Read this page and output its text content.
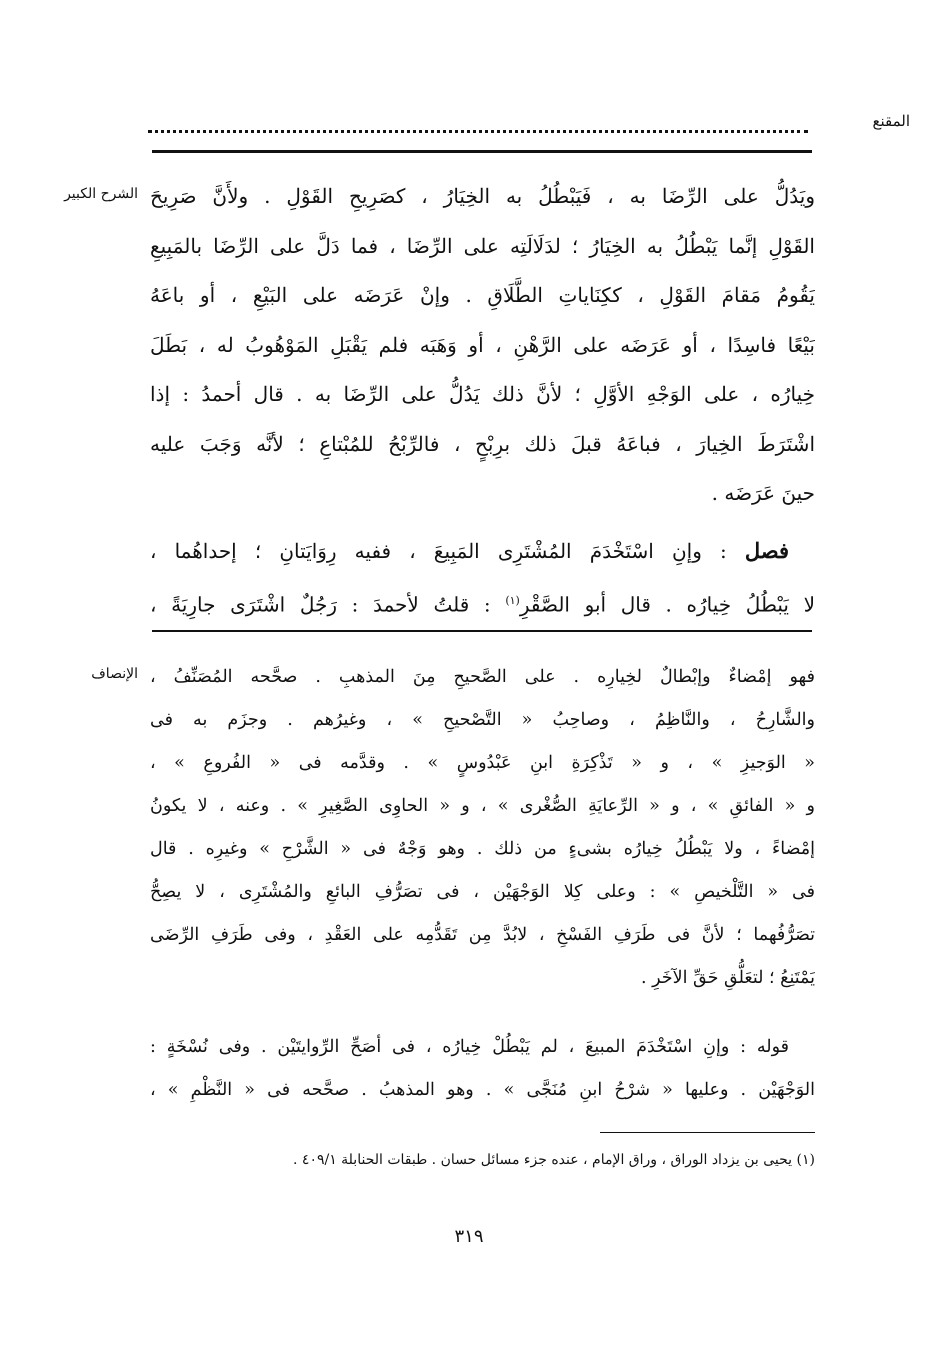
المقنع
الشرح الكبير ويَدُلُّ على الرِّضَا به ، فَيَبْطُلُ به الخِيَارُ ، كصَرِيحِ القَوْلِ . ولأَنَّ صَرِيحَ
القَوْلِ إنَّما يَبْطُلُ به الخِيَارُ ؛ لدَلَالَتِه على الرِّضَا ، فما دَلَّ على الرِّضَا بالمَبِيعِ
يَقُومُ مَقامَ القَوْلِ ، ككِنَاياتِ الطَّلَاقِ . وإنْ عَرَضَه على البَيْعِ ، أو باعَهُ
بَيْعًا فاسِدًا ، أو عَرَضَه على الرَّهْنِ ، أو وَهَبَه فلم يَقْبَلِ المَوْهُوبُ له ، بَطَلَ
خِيارُه ، على الوَجْهِ الأوَّلِ ؛ لأنَّ ذلك يَدُلُّ على الرِّضَا به . قال أحمدُ : إذا
اشْتَرَطَ الخِيارَ ، فباعَهُ قبلَ ذلك برِبْحٍ ، فالرِّبْحُ للمُبْتاعِ ؛ لأنَّه وَجَبَ عليه
حينَ عَرَضَه .
فصل : وإنِ اسْتَخْدَمَ المُشْتَرِى المَبِيعَ ، ففيه رِوَايَتانِ ؛ إحداهُما ،
لا يَبْطُلُ خِيارُه . قال أبو الصَّقْرِ$^{(١)}$ : قلتُ لأحمدَ : رَجُلٌ اشْتَرَى جارِيَةً ،
الإنصاف فهو إمْضاءٌ وإبْطالٌ لخِيارِه . على الصَّحيحِ مِنَ المذهبِ . صحَّحه المُصَنِّفُ ،
والشَّارِحُ ، والنَّاظِمُ ، وصاحِبُ « التَّصْحيحِ » ، وغيرُهم . وجزَم به فى
« الوَجيزِ » ، و « تَذْكِرَةِ ابنِ عَبْدُوسٍ » . وقدَّمه فى « الفُروعِ » ،
و « الفائقِ » ، و « الرِّعايَةِ الصُّغْرى » ، و « الحاوِى الصَّغِيرِ » . وعنه ، لا يكونُ
إمْضاءً ، ولا يَبْطُلُ خِيارُه بشىءٍ من ذلك . وهو وَجْهٌ فى « الشَّرْحِ » وغيرِه . قال
فى « التَّلْخيصِ » : وعلى كِلا الوَجْهَيْن ، فى تصَرُّفِ البائعِ والمُشْتَرِى ، لا يصِحُّ
تصَرُّفُهما ؛ لأنَّ فى طَرَفِ الفَسْخِ ، لابُدَّ مِن تَقَدُّمِه على العَقْدِ ، وفى طَرَفِ الرِّضَى
يَمْتَنِعُ ؛ لتعَلُّقِ حَقِّ الآخَرِ .
قوله : وإنِ اسْتَخْدَمَ المبيعَ ، لم يَبْطُلْ خِيارُه ، فى أصَحِّ الرِّوايتَيْن . وفى نُسْخَةٍ :
الوَجْهَيْن . وعليها « شرْحُ ابنِ مُنَجَّى » . وهو المذهبُ . صحَّحه فى « النَّظْمِ » ،
(١) يحيى بن يزداد الوراق ، وراق الإمام ، عنده جزء مسائل حسان . طبقات الحنابلة ٤٠٩/١ .
٣١٩
